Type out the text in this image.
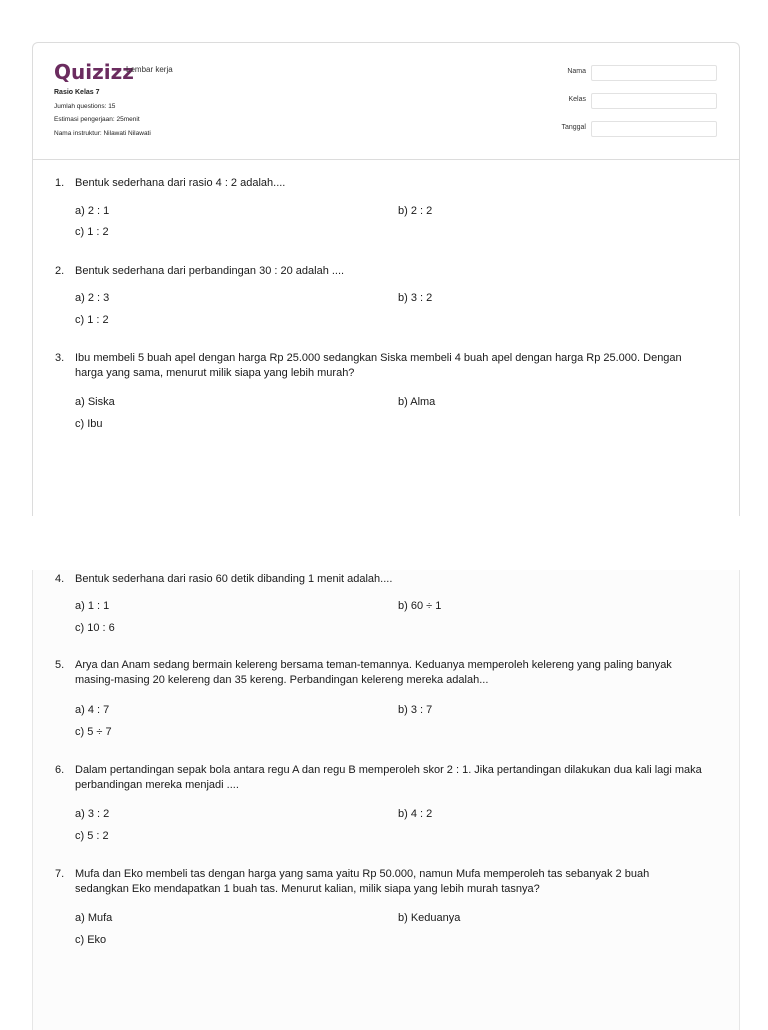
Quizizz
Lembar kerja
Rasio Kelas 7
Jumlah questions: 15
Estimasi pengerjaan: 25menit
Nama instruktur: Nilawati Nilawati
Nama
Kelas
Tanggal
1. Bentuk sederhana dari rasio 4 : 2 adalah....
a) 2 : 1	b) 2 : 2
c) 1 : 2
2. Bentuk sederhana dari perbandingan 30 : 20 adalah ....
a) 2 : 3	b) 3 : 2
c) 1 : 2
3. Ibu membeli 5 buah apel dengan harga Rp 25.000 sedangkan Siska membeli 4 buah apel dengan harga Rp 25.000. Dengan harga yang sama, menurut milik siapa yang lebih murah?
a) Siska	b) Alma
c) Ibu
4. Bentuk sederhana dari rasio 60 detik dibanding 1 menit adalah....
a) 1 : 1	b) 60 ÷ 1
c) 10 : 6
5. Arya dan Anam sedang bermain kelereng bersama teman-temannya. Keduanya memperoleh kelereng yang paling banyak masing-masing 20 kelereng dan 35 kereng. Perbandingan kelereng mereka adalah...
a) 4 : 7	b) 3 : 7
c) 5 ÷ 7
6. Dalam pertandingan sepak bola antara regu A dan regu B memperoleh skor 2 : 1. Jika pertandingan dilakukan dua kali lagi maka perbandingan mereka menjadi ....
a) 3 : 2	b) 4 : 2
c) 5 : 2
7. Mufa dan Eko membeli tas dengan harga yang sama yaitu Rp 50.000, namun Mufa memperoleh tas sebanyak 2 buah sedangkan Eko mendapatkan 1 buah tas. Menurut kalian, milik siapa yang lebih murah tasnya?
a) Mufa	b) Keduanya
c) Eko
